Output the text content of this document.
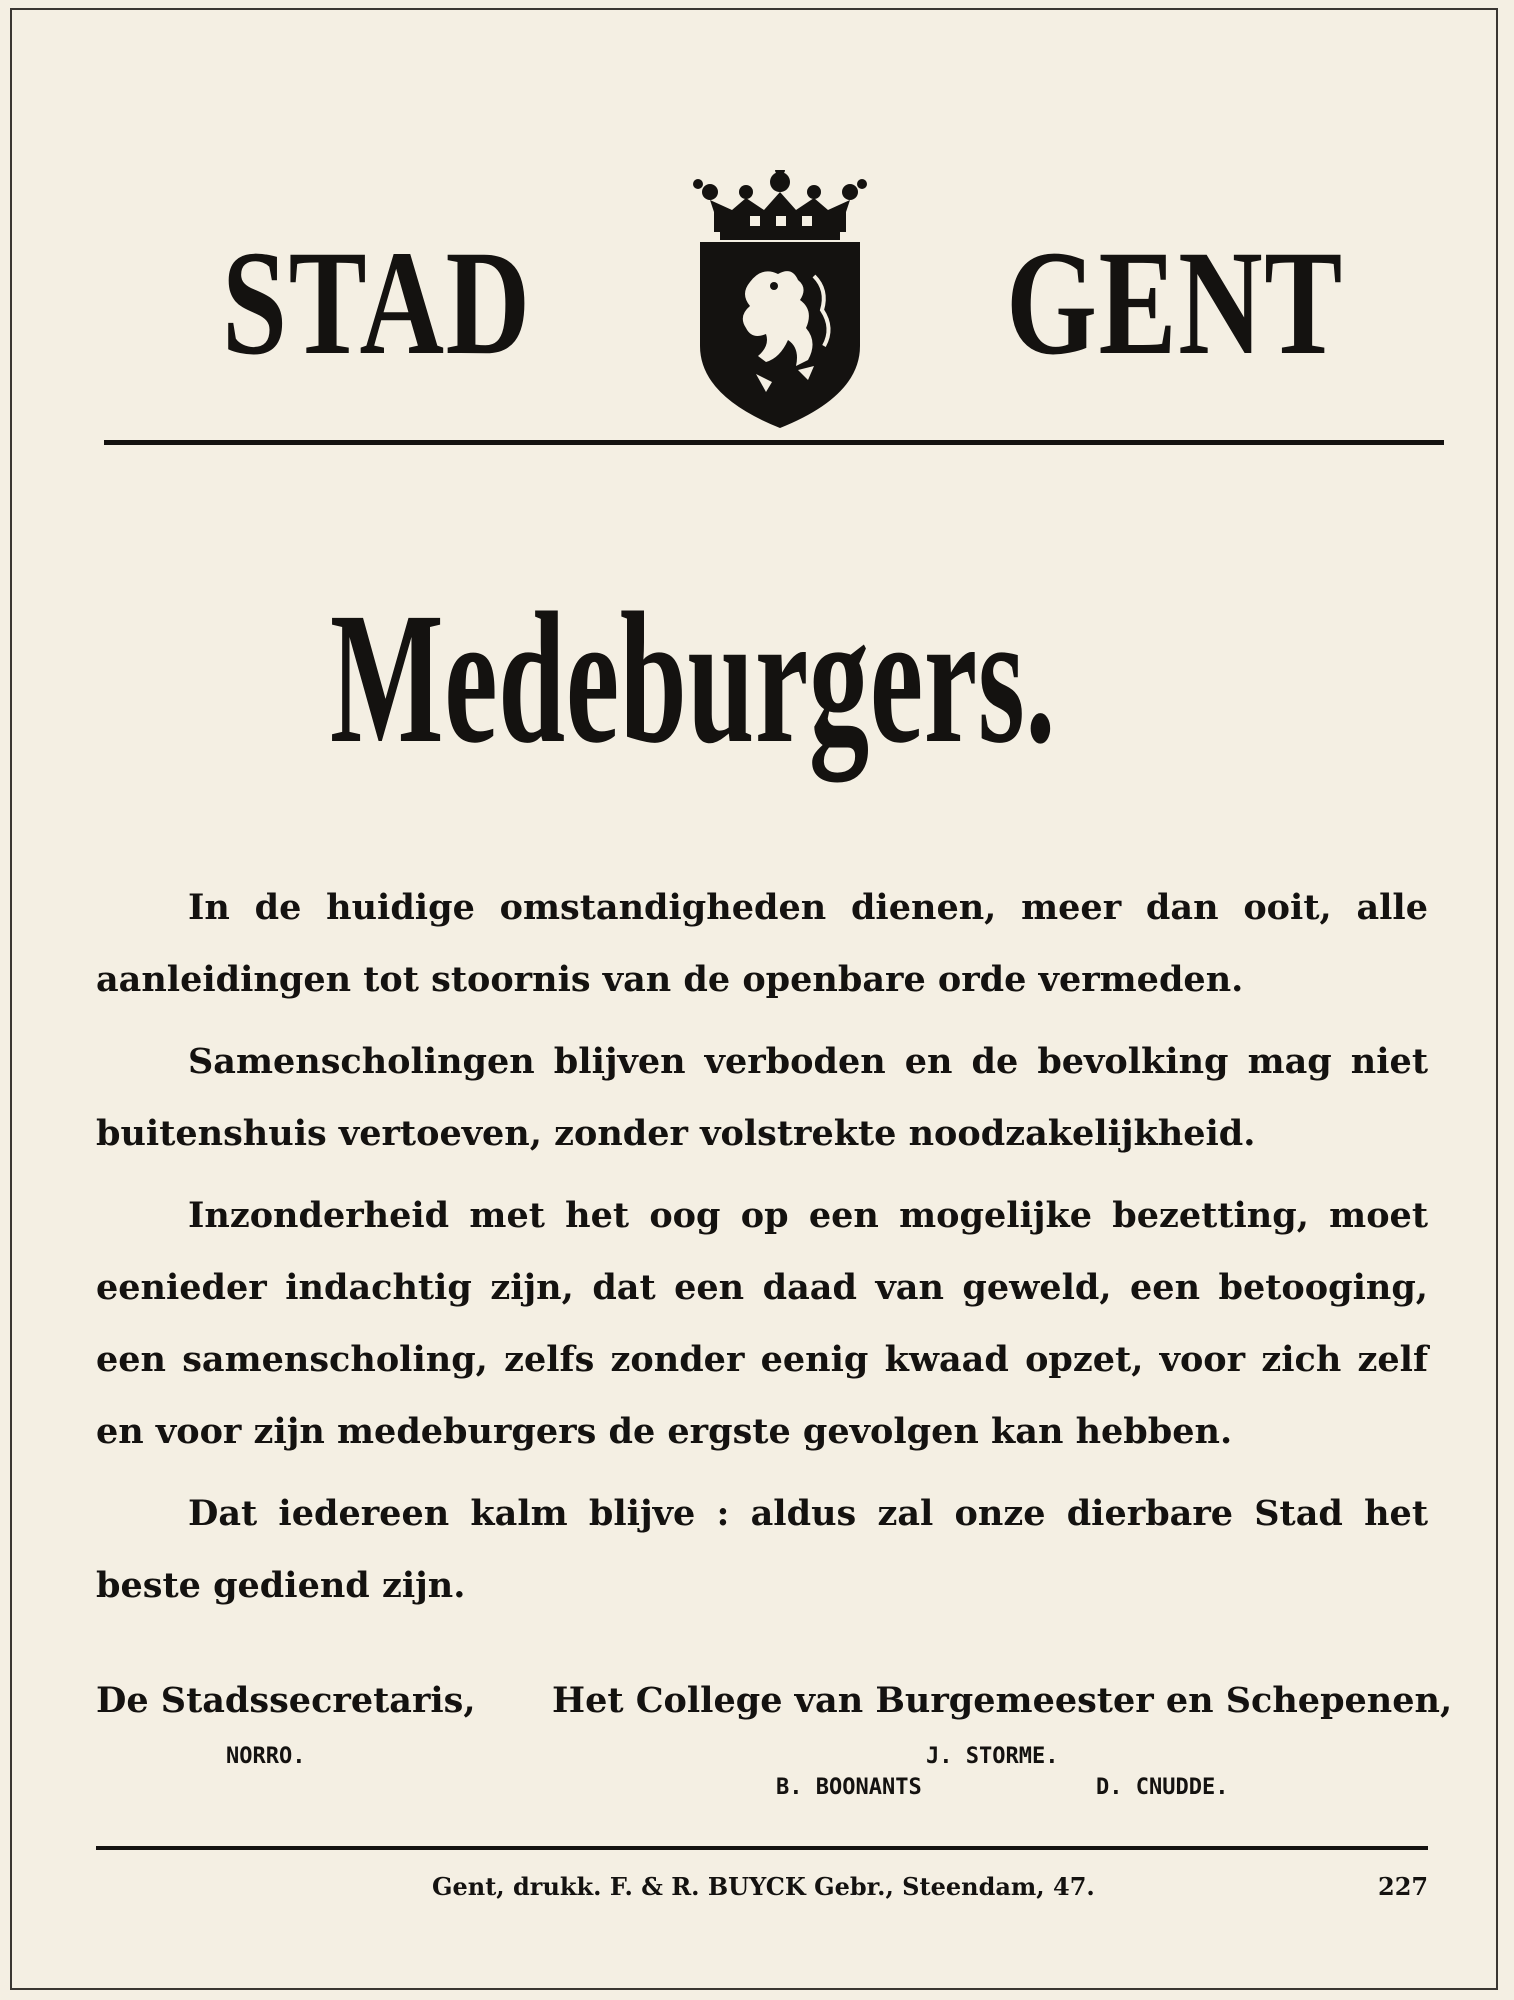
STAD	GENT
Medeburgers.

In de huidige omstandigheden dienen, meer dan ooit, alle aanleidingen tot stoornis van de openbare orde vermeden.

Samenscholingen blijven verboden en de bevolking mag niet buitenshuis vertoeven, zonder volstrekte noodzakelijkheid.

Inzonderheid met het oog op een mogelijke bezetting, moet eenieder indachtig zijn, dat een daad van geweld, een betooging, een samenscholing, zelfs zonder eenig kwaad opzet, voor zich zelf en voor zijn medeburgers de ergste gevolgen kan hebben.

Dat iedereen kalm blijve : aldus zal onze dierbare Stad het beste gediend zijn.

De Stadssecretaris,
NORRO.
Het College van Burgemeester en Schepenen,
J. STORME.
B. BOONANTS	D. CNUDDE.
Gent, drukk. F. & R. BUYCK Gebr., Steendam, 47.	227
